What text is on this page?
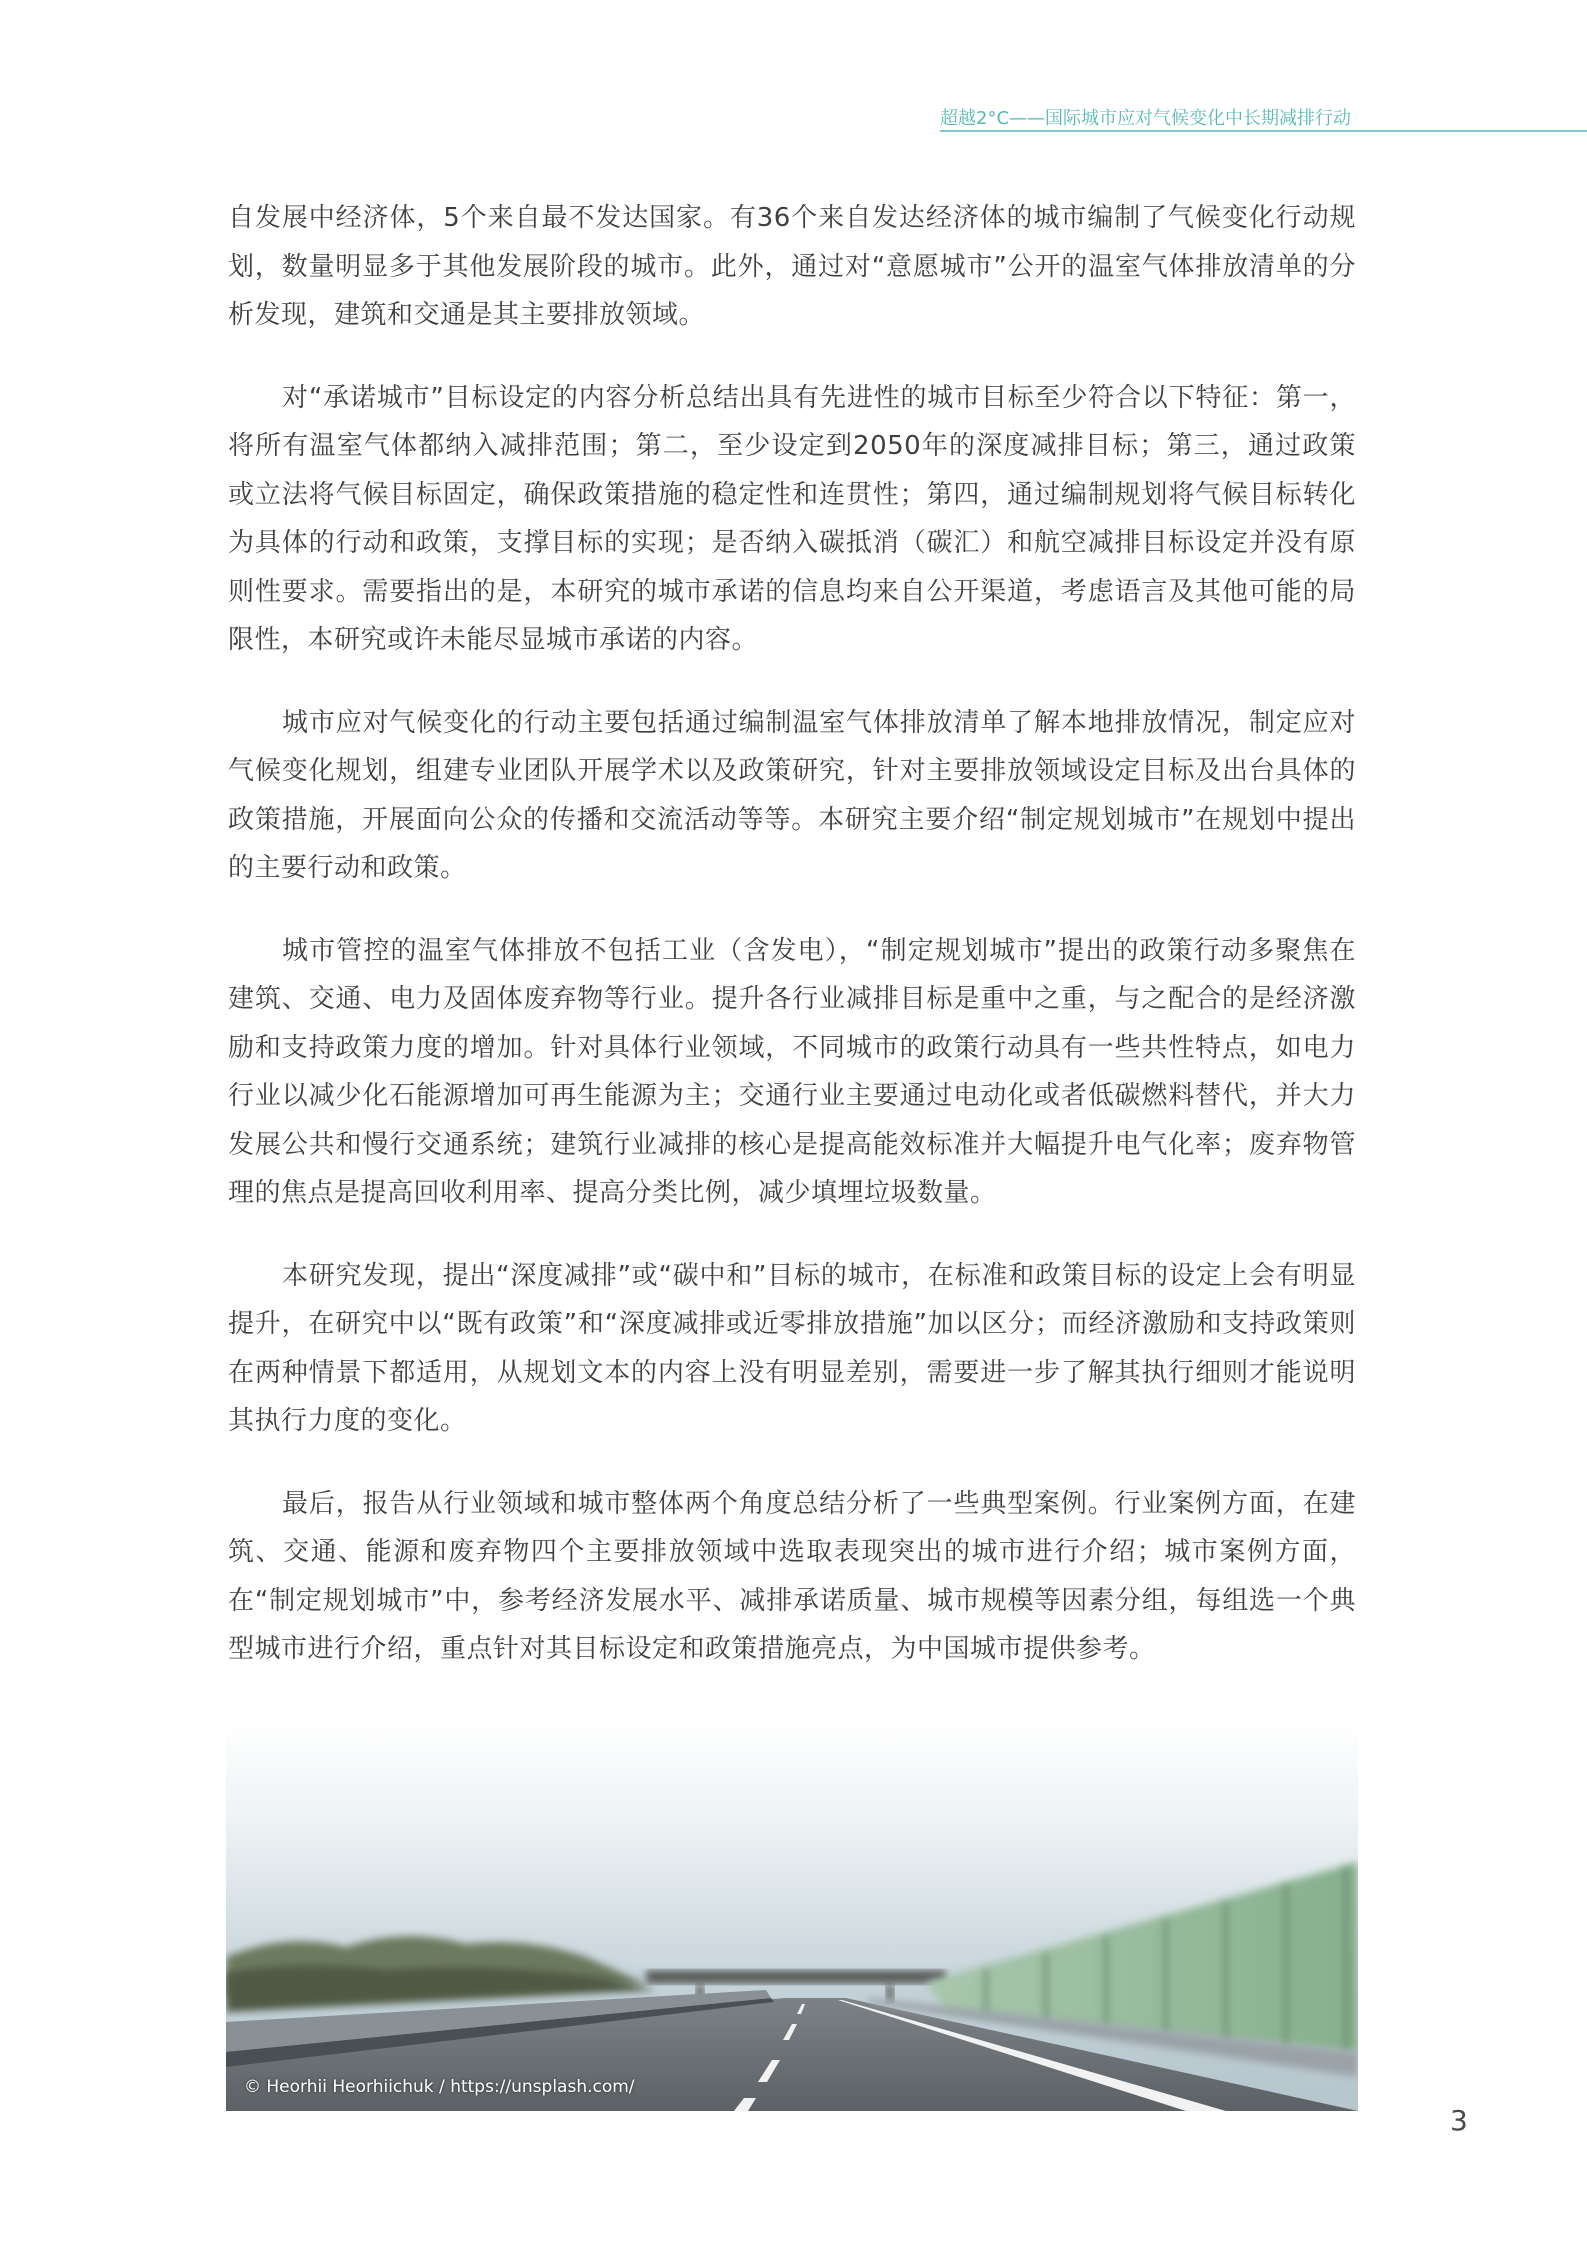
超越2°C——国际城市应对气候变化中长期减排行动

自发展中经济体，5个来自最不发达国家。有36个来自发达经济体的城市编制了气候变化行动规划，数量明显多于其他发展阶段的城市。此外，通过对“意愿城市”公开的温室气体排放清单的分析发现，建筑和交通是其主要排放领域。

对“承诺城市”目标设定的内容分析总结出具有先进性的城市目标至少符合以下特征：第一，将所有温室气体都纳入减排范围；第二，至少设定到2050年的深度减排目标；第三，通过政策或立法将气候目标固定，确保政策措施的稳定性和连贯性；第四，通过编制规划将气候目标转化为具体的行动和政策，支撑目标的实现；是否纳入碳抵消（碳汇）和航空减排目标设定并没有原则性要求。需要指出的是，本研究的城市承诺的信息均来自公开渠道，考虑语言及其他可能的局限性，本研究或许未能尽显城市承诺的内容。

城市应对气候变化的行动主要包括通过编制温室气体排放清单了解本地排放情况，制定应对气候变化规划，组建专业团队开展学术以及政策研究，针对主要排放领域设定目标及出台具体的政策措施，开展面向公众的传播和交流活动等等。本研究主要介绍“制定规划城市”在规划中提出的主要行动和政策。

城市管控的温室气体排放不包括工业（含发电），“制定规划城市”提出的政策行动多聚焦在建筑、交通、电力及固体废弃物等行业。提升各行业减排目标是重中之重，与之配合的是经济激励和支持政策力度的增加。针对具体行业领域，不同城市的政策行动具有一些共性特点，如电力行业以减少化石能源增加可再生能源为主；交通行业主要通过电动化或者低碳燃料替代，并大力发展公共和慢行交通系统；建筑行业减排的核心是提高能效标准并大幅提升电气化率；废弃物管理的焦点是提高回收利用率、提高分类比例，减少填埋垃圾数量。

本研究发现，提出“深度减排”或“碳中和”目标的城市，在标准和政策目标的设定上会有明显提升，在研究中以“既有政策”和“深度减排或近零排放措施”加以区分；而经济激励和支持政策则在两种情景下都适用，从规划文本的内容上没有明显差别，需要进一步了解其执行细则才能说明其执行力度的变化。

最后，报告从行业领域和城市整体两个角度总结分析了一些典型案例。行业案例方面，在建筑、交通、能源和废弃物四个主要排放领域中选取表现突出的城市进行介绍；城市案例方面，在“制定规划城市”中，参考经济发展水平、减排承诺质量、城市规模等因素分组，每组选一个典型城市进行介绍，重点针对其目标设定和政策措施亮点，为中国城市提供参考。

© Heorhii Heorhiichuk / https://unsplash.com/
3
